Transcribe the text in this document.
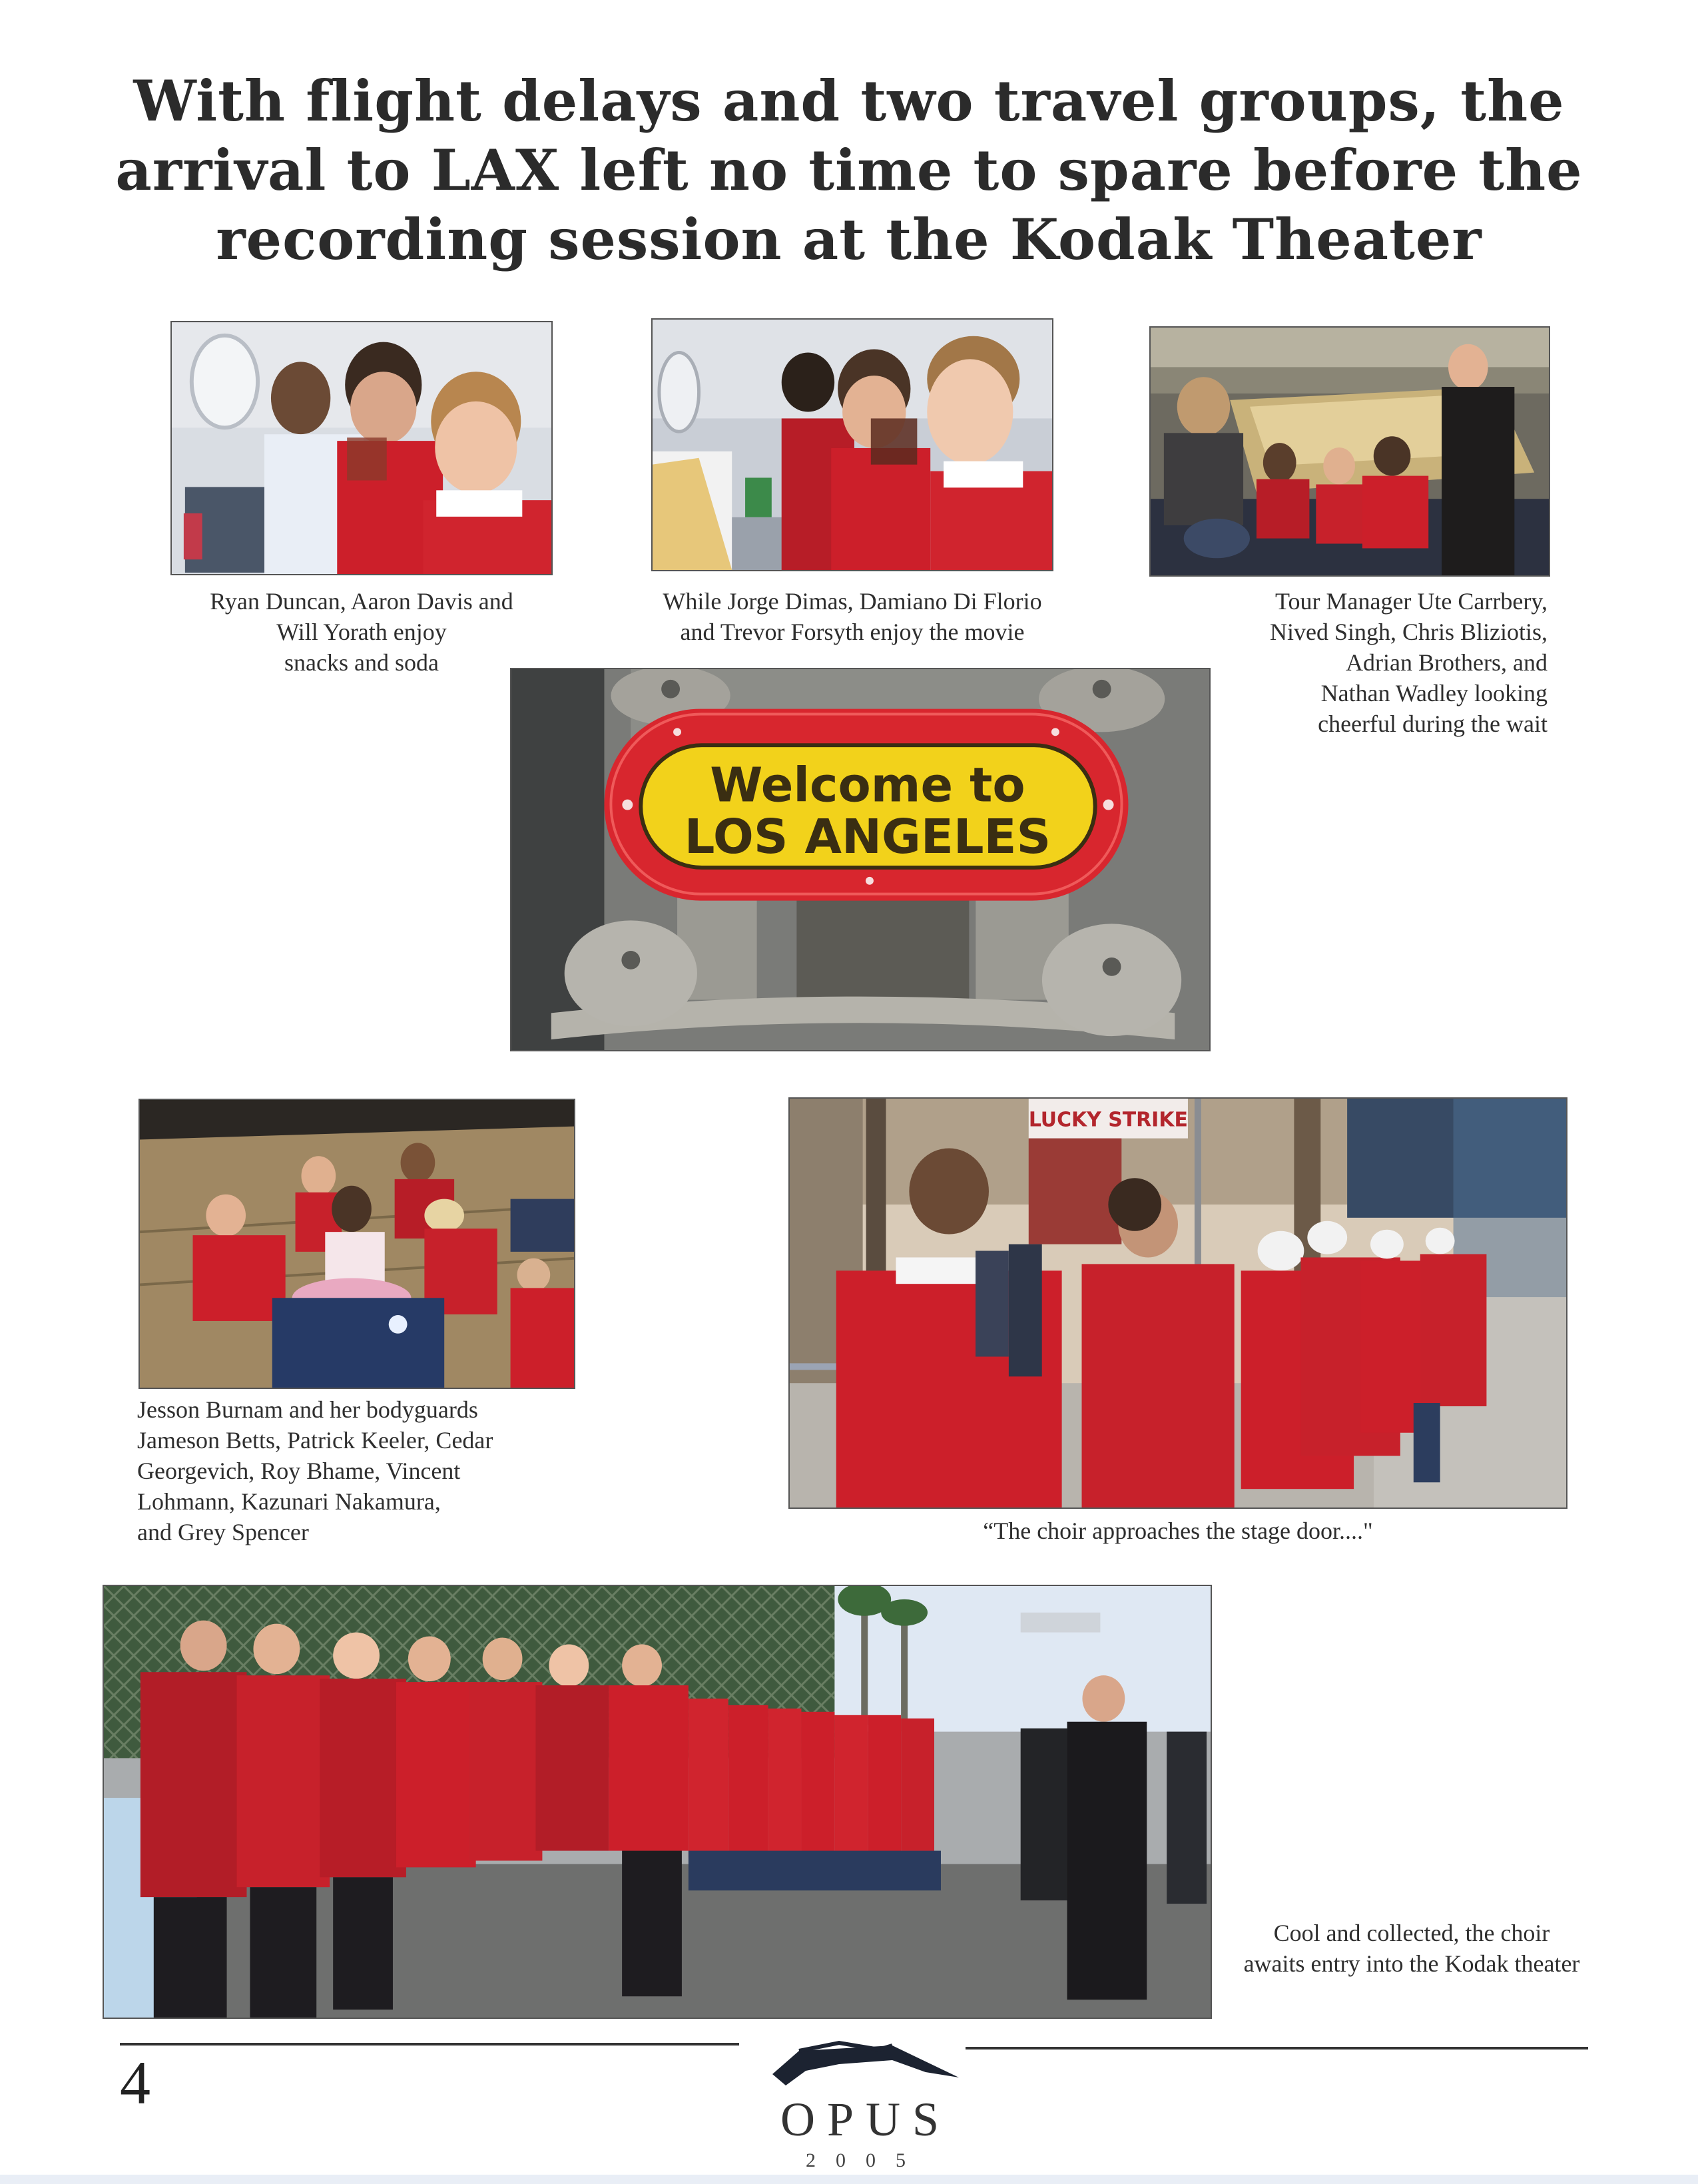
With flight delays and two travel groups, the arrival to LAX left no time to spare before the recording session at the Kodak Theater
Ryan Duncan, Aaron Davis and
Will Yorath enjoy
snacks and soda
While Jorge Dimas, Damiano Di Florio
and Trevor Forsyth enjoy the movie
Tour Manager Ute Carrbery,
Nived Singh, Chris Bliziotis,
Adrian Brothers, and
Nathan Wadley looking
cheerful during the wait
Welcome to
LOS ANGELES
Jesson Burnam and her bodyguards
Jameson Betts, Patrick Keeler, Cedar
Georgevich, Roy Bhame, Vincent
Lohmann, Kazunari Nakamura,
and Grey Spencer
LUCKY STRIKE
“The choir approaches the stage door...."
Cool and collected, the choir
awaits entry into the Kodak theater
4
OPUS
2005
